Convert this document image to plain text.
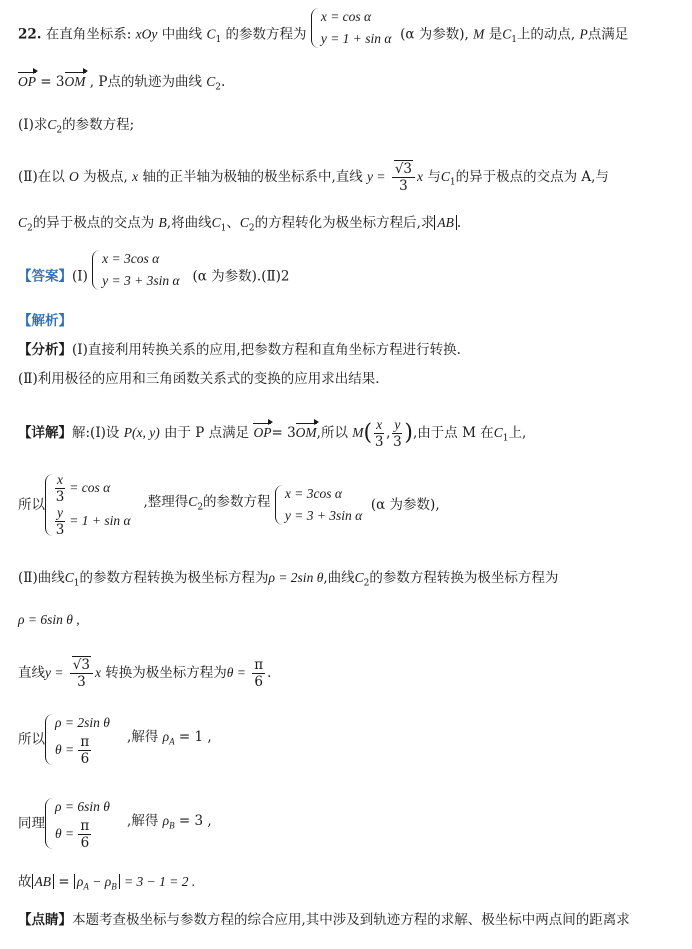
22. 在直角坐标系: xOy 中曲线 $C_1$ 的参数方程为
x = cos α
y = 1 + sin α (α 为参数), M 是$C_1$上的动点, P点满足
OP = 3OM , P点的轨迹为曲线 $C_2$.
(Ⅰ)求$C_2$的参数方程;
(Ⅱ)在以 O 为极点, x 轴的正半轴为极轴的极坐标系中,直线 $y = \frac{√3}{3}$ x 与$C_1$的异于极点的交点为 A,与
$C_2$的异于极点的交点为 B,将曲线$C_1$、$C_2$的方程转化为极坐标方程后,求 AB .
【答案】(Ⅰ)
x = 3cos α
y = 3 + 3sin α (α 为参数).(Ⅱ)2
【解析】
【分析】(Ⅰ)直接利用转换关系的应用,把参数方程和直角坐标方程进行转换.
(Ⅱ)利用极径的应用和三角函数关系式的变换的应用求出结果.
【详解】解:(Ⅰ)设 P(x, y) 由于 P 点满足 OP= 3OM,所以 $M( \frac{x}{3}$ , $\frac{y}{3}$ ),由于点 M 在$C_1$上,
所以 $\frac{x}{3} = \cos \alpha$
$\frac{y}{3} = 1 + \sin \alpha$
,整理得$C_2$的参数方程
x = 3cos α
y = 3 + 3sin α
(α 为参数),
(Ⅱ)曲线$C_1$的参数方程转换为极坐标方程为ρ = 2sin θ,曲线$C_2$的参数方程转换为极坐标方程为
ρ = 6sin θ ,
直线$y = \frac{√3}{3}$ x 转换为极坐标方程为$\theta = \frac{\pi}{6}$ .
所以
ρ = 2sin θ
$\theta = \frac{\pi}{6}$	,解得 $\rho_A = 1$ ,
同理
ρ = 6sin θ
$\theta = \frac{\pi}{6}$	,解得 $\rho_B = 3$ ,
故 AB = $\rho_A - \rho_B = 3 - 1 = 2$ .
【点睛】本题考查极坐标与参数方程的综合应用,其中涉及到轨迹方程的求解、极坐标中两点间的距离求
